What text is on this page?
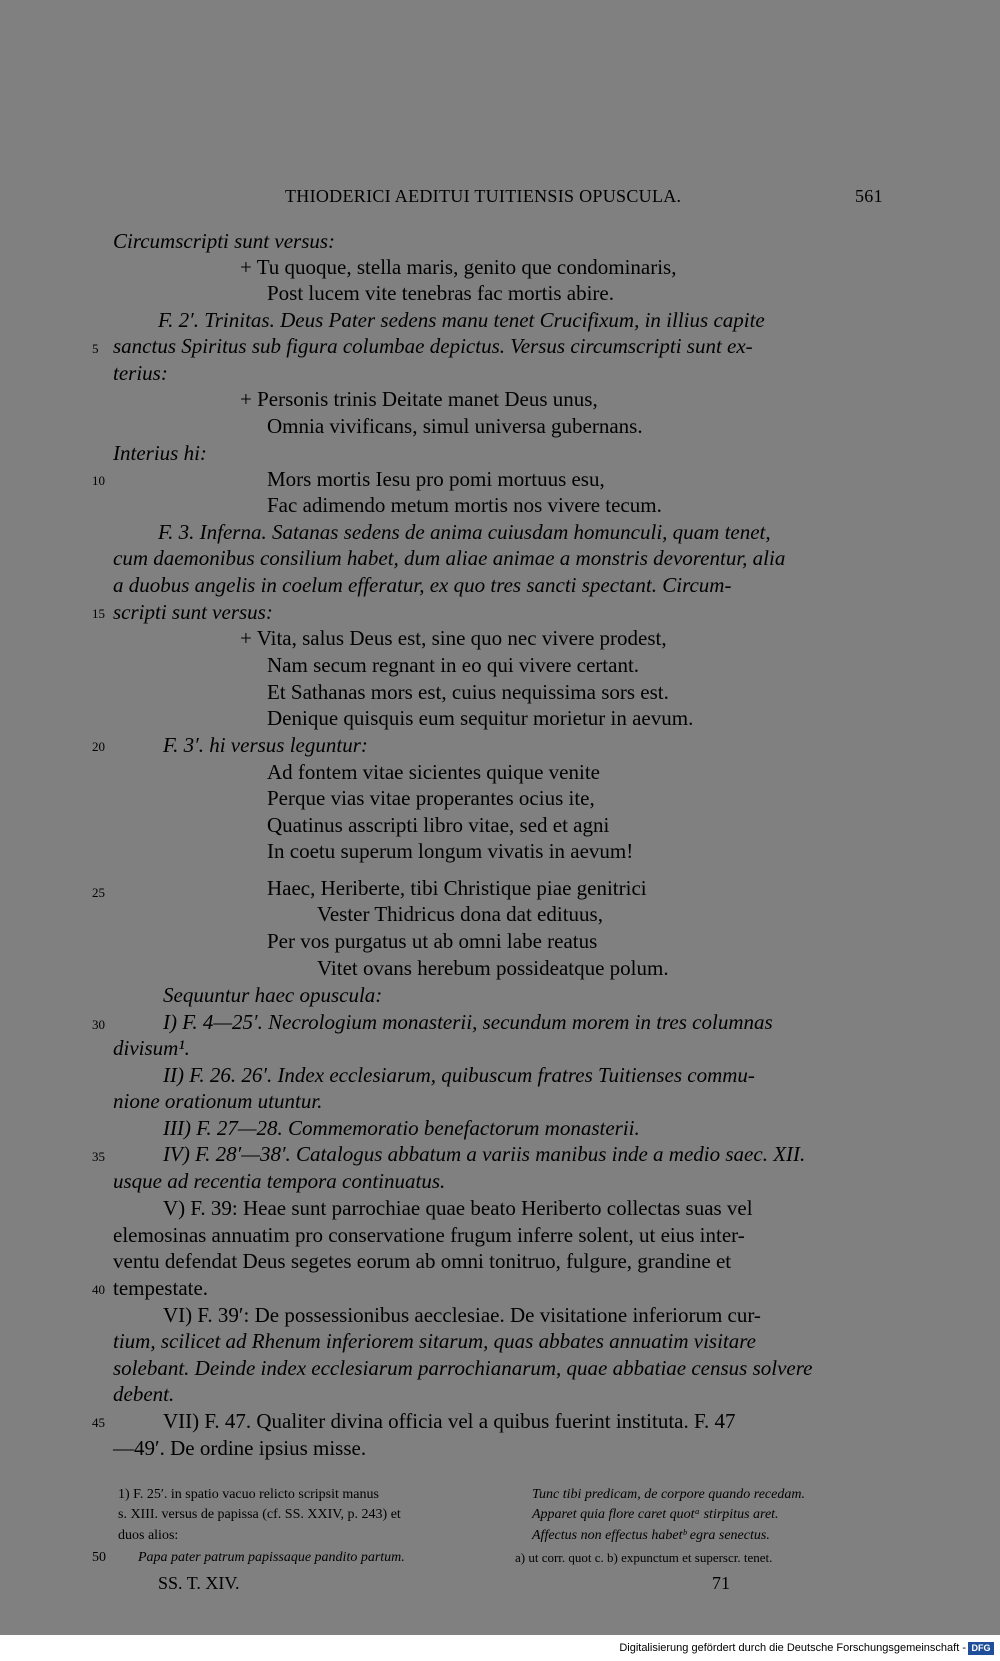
THIODERICI AEDITUI TUITIENSIS OPUSCULA.	561
Circumscripti sunt versus:
+ Tu quoque, stella maris, genito que condominaris,
Post lucem vite tenebras fac mortis abire.
F. 2′. Trinitas. Deus Pater sedens manu tenet Crucifixum, in illius capite
5 sanctus Spiritus sub figura columbae depictus. Versus circumscripti sunt ex-
terius:
+ Personis trinis Deitate manet Deus unus,
Omnia vivificans, simul universa gubernans.
Interius hi:
10	Mors mortis Iesu pro pomi mortuus esu,
Fac adimendo metum mortis nos vivere tecum.
F. 3. Inferna. Satanas sedens de anima cuiusdam homunculi, quam tenet,
cum daemonibus consilium habet, dum aliae animae a monstris devorentur, alia
a duobus angelis in coelum efferatur, ex quo tres sancti spectant. Circum-
15 scripti sunt versus:
+ Vita, salus Deus est, sine quo nec vivere prodest,
Nam secum regnant in eo qui vivere certant.
Et Sathanas mors est, cuius nequissima sors est.
Denique quisquis eum sequitur morietur in aevum.
20	F. 3′. hi versus leguntur:
Ad fontem vitae sicientes quique venite
Perque vias vitae properantes ocius ite,
Quatinus asscripti libro vitae, sed et agni
In coetu superum longum vivatis in aevum!
25	Haec, Heriberte, tibi Christique piae genitrici
Vester Thidricus dona dat edituus,
Per vos purgatus ut ab omni labe reatus
Vitet ovans herebum possideatque polum.
Sequuntur haec opuscula:
30	I) F. 4—25′. Necrologium monasterii, secundum morem in tres columnas
divisum¹.
II) F. 26. 26′. Index ecclesiarum, quibuscum fratres Tuitienses commu-
nione orationum utuntur.
III) F. 27—28. Commemoratio benefactorum monasterii.
35	IV) F. 28′—38′. Catalogus abbatum a variis manibus inde a medio saec. XII.
usque ad recentia tempora continuatus.
V) F. 39: Heae sunt parrochiae quae beato Heriberto collectas suas vel
elemosinas annuatim pro conservatione frugum inferre solent, ut eius inter-
ventu defendat Deus segetes eorum ab omni tonitruo, fulgure, grandine et
40 tempestate.
VI) F. 39′: De possessionibus aecclesiae. De visitatione inferiorum cur-
tium, scilicet ad Rhenum inferiorem sitarum, quas abbates annuatim visitare
solebant. Deinde index ecclesiarum parrochianarum, quae abbatiae census solvere
debent.
45	VII) F. 47. Qualiter divina officia vel a quibus fuerint instituta. F. 47
—49′. De ordine ipsius misse.
1) F. 25′. in spatio vacuo relicto scripsit manus
s. XIII. versus de papissa (cf. SS. XXIV, p. 243) et
duos alios:
50 Papa pater patrum papissaque pandito partum.
Tunc tibi predicam, de corpore quando recedam.
Apparet quia flore caret quotᵃ stirpitus aret.
Affectus non effectus habetᵇ egra senectus.
a) ut corr. quot c. b) expunctum et superscr. tenet.
SS. T. XIV.	71
Digitalisierung gefördert durch die Deutsche Forschungsgemeinschaft - DFG
